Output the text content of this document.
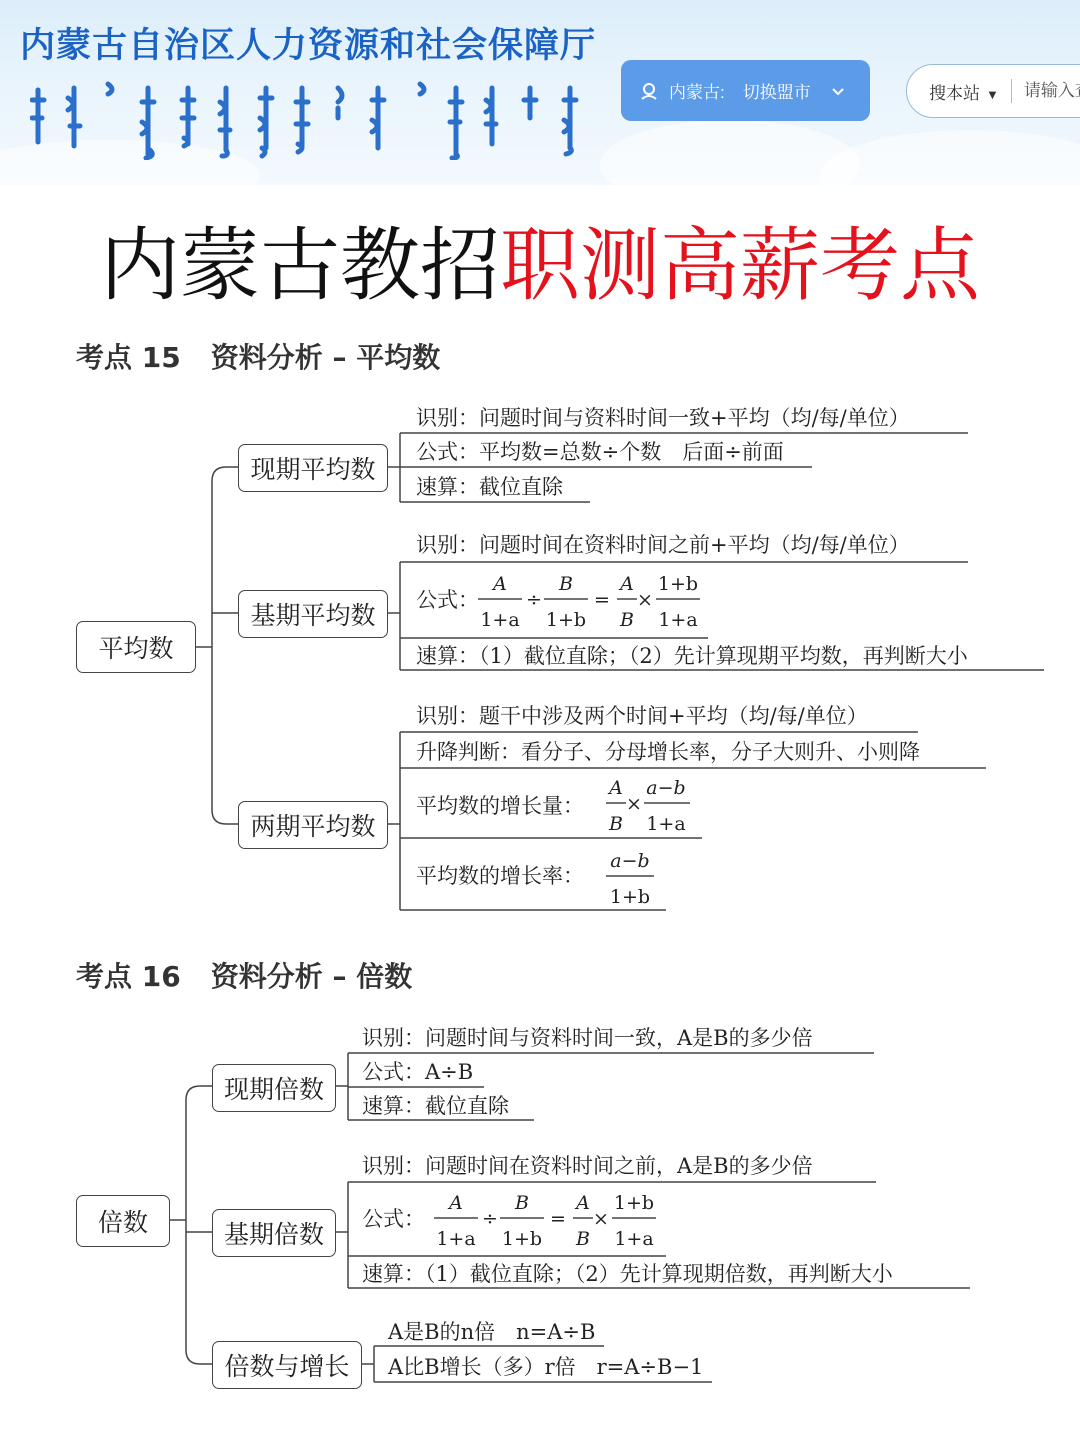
内蒙古自治区人力资源和社会保障厅
内蒙古: 切换盟市	搜本站 ▼
请输入查
内蒙古教招职测高薪考点
考点 15 资料分析 – 平均数
平均数
现期平均数
基期平均数
两期平均数
识别：问题时间与资料时间一致+平均（均/每/单位）
公式：平均数=总数÷个数　后面÷前面
速算：截位直除
识别：问题时间在资料时间之前+平均（均/每/单位）
公式：
A
1+a
÷
B
1+b
=
A
B
×
1+b
1+a
速算：（1）截位直除；（2）先计算现期平均数，再判断大小
识别：题干中涉及两个时间+平均（均/每/单位）
升降判断：看分子、分母增长率，分子大则升、小则降
平均数的增长量：
A
B
×
a−b
1+a
平均数的增长率：
a−b
1+b
考点 16 资料分析 – 倍数
倍数
现期倍数
基期倍数
倍数与增长
识别：问题时间与资料时间一致，A是B的多少倍
公式：A÷B
速算：截位直除
识别：问题时间在资料时间之前，A是B的多少倍
公式：
A
1+a
÷
B
1+b
=
A
B
×
1+b
1+a
速算：（1）截位直除；（2）先计算现期倍数，再判断大小
A是B的n倍　n=A÷B
A比B增长（多）r倍　r=A÷B−1
